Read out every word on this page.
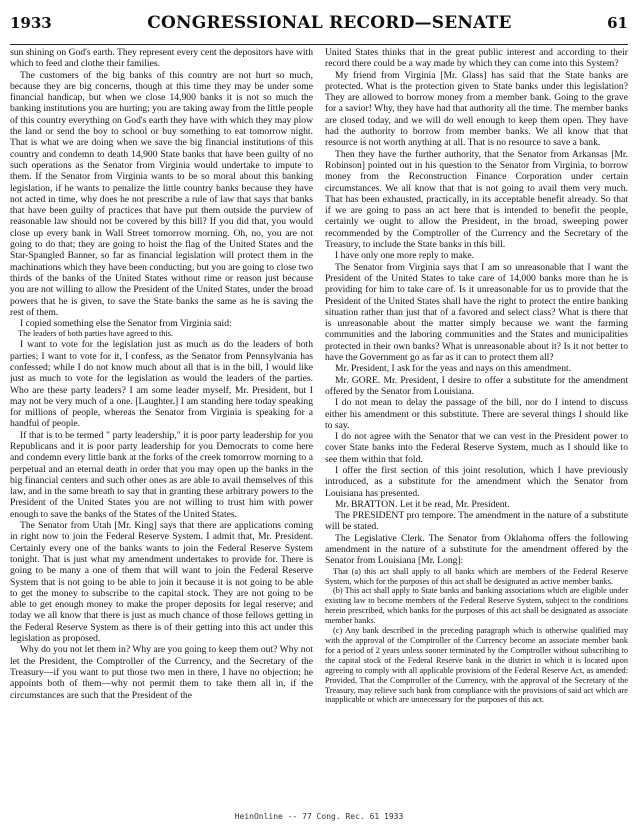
1933	CONGRESSIONAL RECORD—SENATE	61

sun shining on God's earth. They represent every cent the depositors have with which to feed and clothe their families.

The customers of the big banks of this country are not hurt so much, because they are big concerns, though at this time they may be under some financial handicap, but when we close 14,900 banks it is not so much the banking institutions you are hurting; you are taking away from the little people of this country everything on God's earth they have with which they may plow the land or send the boy to school or buy something to eat tomorrow night. That is what we are doing when we save the big financial institutions of this country and condemn to death 14,900 State banks that have been guilty of no such operations as the Senator from Virginia would undertake to impute to them. If the Senator from Virginia wants to be so moral about this banking legislation, if he wants to penalize the little country banks because they have not acted in time, why does he not prescribe a rule of law that says that banks that have been guilty of practices that have put them outside the purview of reasonable law should not be covered by this bill? If you did that, you would close up every bank in Wall Street tomorrow morning. Oh, no, you are not going to do that; they are going to hoist the flag of the United States and the Star-Spangled Banner, so far as financial legislation will protect them in the machinations which they have been conducting, but you are going to close two thirds of the banks of the United States without rime or reason just because you are not willing to allow the President of the United States, under the broad powers that he is given, to save the State banks the same as he is saving the rest of them.

I copied something else the Senator from Virginia said:

The leaders of both parties have agreed to this.

I want to vote for the legislation just as much as do the leaders of both parties; I want to vote for it, I confess, as the Senator from Pennsylvania has confessed; while I do not know much about all that is in the bill, I would like just as much to vote for the legislation as would the leaders of the parties. Who are these party leaders? I am some leader myself, Mr. President, but I may not be very much of a one. [Laughter.] I am standing here today speaking for millions of people, whereas the Senator from Virginia is speaking for a handful of people.

If that is to be termed " party leadership," it is poor party leadership for you Republicans and it is poor party leadership for you Democrats to come here and condemn every little bank at the forks of the creek tomorrow morning to a perpetual and an eternal death in order that you may open up the banks in the big financial centers and such other ones as are able to avail themselves of this law, and in the same breath to say that in granting these arbitrary powers to the President of the United States you are not willing to trust him with power enough to save the banks of the States of the United States.

The Senator from Utah [Mr. King] says that there are applications coming in right now to join the Federal Reserve System. I admit that, Mr. President. Certainly every one of the banks wants to join the Federal Reserve System tonight. That is just what my amendment undertakes to provide for. There is going to be many a one of them that will want to join the Federal Reserve System that is not going to be able to join it because it is not going to be able to get the money to subscribe to the capital stock. They are not going to be able to get enough money to make the proper deposits for legal reserve; and today we all know that there is just as much chance of those fellows getting in the Federal Reserve System as there is of their getting into this act under this legislation as proposed.

Why do you not let them in? Why are you going to keep them out? Why not let the President, the Comptroller of the Currency, and the Secretary of the Treasury—if you want to put those two men in there, I have no objection; he appoints both of them—why not permit them to take them all in, if the circumstances are such that the President of the

United States thinks that in the great public interest and according to their record there could be a way made by which they can come into this System?

My friend from Virginia [Mr. Glass] has said that the State banks are protected. What is the protection given to State banks under this legislation? They are allowed to borrow money from a member bank. Going to the grave for a savior! Why, they have had that authority all the time. The member banks are closed today, and we will do well enough to keep them open. They have had the authority to borrow from member banks. We all know that that resource is not worth anything at all. That is no resource to save a bank.

Then they have the further authority, that the Senator from Arkansas [Mr. Robinson] pointed out in his question to the Senator from Virginia, to borrow money from the Reconstruction Finance Corporation under certain circumstances. We all know that that is not going to avail them very much. That has been exhausted, practically, in its acceptable benefit already. So that if we are going to pass an act here that is intended to benefit the people, certainly we ought to allow the President, in the broad, sweeping power recommended by the Comptroller of the Currency and the Secretary of the Treasury, to include the State banks in this bill.

I have only one more reply to make.

The Senator from Virginia says that I am so unreasonable that I want the President of the United States to take care of 14,000 banks more than he is providing for him to take care of. Is it unreasonable for us to provide that the President of the United States shall have the right to protect the entire banking situation rather than just that of a favored and select class? What is there that is unreasonable about the matter simply because we want the farming communities and the laboring communities and the States and municipalities protected in their own banks? What is unreasonable about it? Is it not better to have the Government go as far as it can to protect them all?

Mr. President, I ask for the yeas and nays on this amendment.

Mr. GORE. Mr. President, I desire to offer a substitute for the amendment offered by the Senator from Louisiana.

I do not mean to delay the passage of the bill, nor do I intend to discuss either his amendment or this substitute. There are several things I should like to say.

I do not agree with the Senator that we can vest in the President power to cover State banks into the Federal Reserve System, much as I should like to see them within that fold.

I offer the first section of this joint resolution, which I have previously introduced, as a substitute for the amendment which the Senator from Louisiana has presented.

Mr. BRATTON. Let it be read, Mr. President.

The PRESIDENT pro tempore. The amendment in the nature of a substitute will be stated.

The Legislative Clerk. The Senator from Oklahoma offers the following amendment in the nature of a substitute for the amendment offered by the Senator from Louisiana [Mr. Long]:

That (a) this act shall apply to all banks which are members of the Federal Reserve System, which for the purposes of this act shall be designated as active member banks.

(b) This act shall apply to State banks and banking associations which are eligible under existing law to become members of the Federal Reserve System, subject to the conditions herein prescribed, which banks for the purposes of this act shall be designated as associate member banks.

(c) Any bank described in the preceding paragraph which is otherwise qualified may with the approval of the Comptroller of the Currency become an associate member bank for a period of 2 years unless sooner terminated by the Comptroller without subscribing to the capital stock of the Federal Reserve bank in the district in which it is located upon agreeing to comply with all applicable provisions of the Federal Reserve Act, as amended: Provided, That the Comptroller of the Currency, with the approval of the Secretary of the Treasury, may relieve such bank from compliance with the provisions of said act which are inapplicable or which are unnecessary for the purposes of this act.

HeinOnline -- 77 Cong. Rec. 61 1933
